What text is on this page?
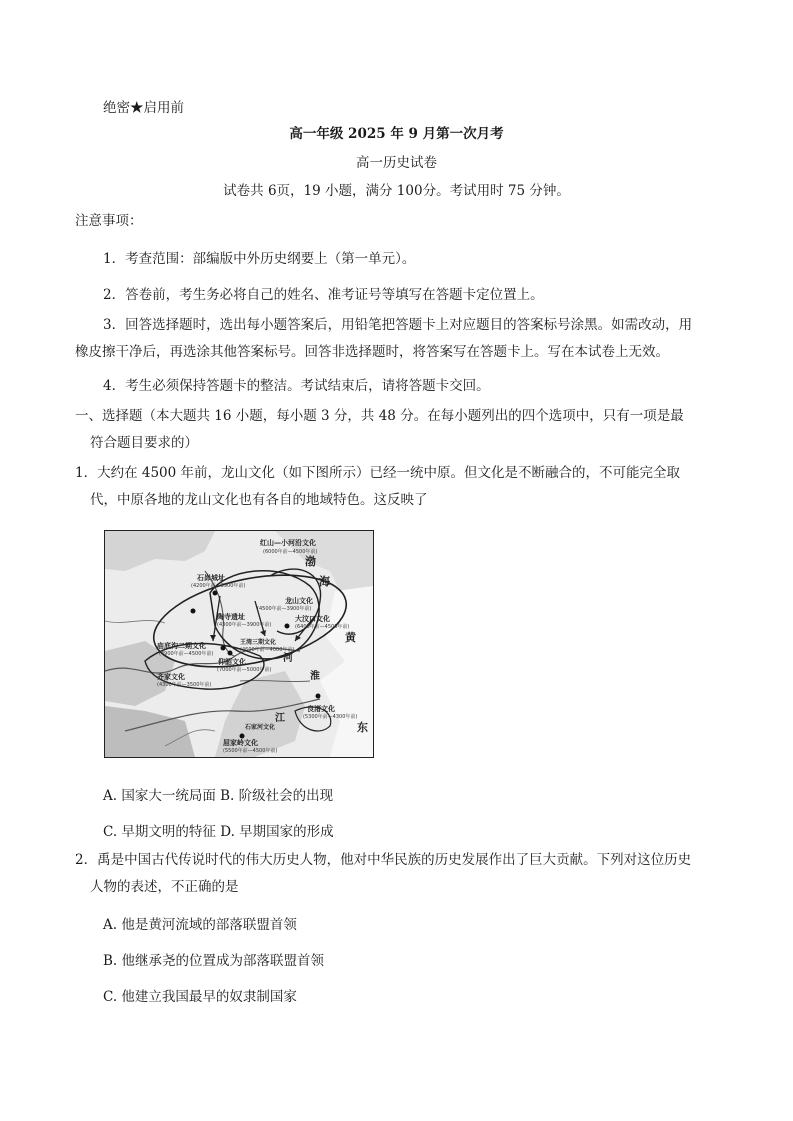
绝密★启用前
高一年级 2025 年 9 月第一次月考
高一历史试卷
试卷共 6页，19 小题，满分 100分。考试用时 75 分钟。
注意事项：
1．考查范围：部编版中外历史纲要上（第一单元）。
2．答卷前，考生务必将自己的姓名、准考证号等填写在答题卡定位置上。
3．回答选择题时，选出每小题答案后，用铅笔把答题卡上对应题目的答案标号涂黑。如需改动，用
橡皮擦干净后，再选涂其他答案标号。回答非选择题时，将答案写在答题卡上。写在本试卷上无效。
4．考生必须保持答题卡的整洁。考试结束后，请将答题卡交回。
一、选择题（本大题共 16 小题，每小题 3 分，共 48 分。在每小题列出的四个选项中，只有一项是最
符合题目要求的）
1．大约在 4500 年前，龙山文化（如下图所示）已经一统中原。但文化是不断融合的，不可能完全取
代，中原各地的龙山文化也有各自的地域特色。这反映了
红山—小河沿文化
(6000年前—4500年前)
石峁城址
(4200年前—3900年前)
龙山文化
(4500年前—3900年前)
陶寺遗址
(4300年前—3900年前)
大汶口文化
(6400年前—4500年前)
庙底沟二期文化
(4900年前—4500年前)
王湾三期文化
(4600年前—4000年前)
仰韶文化
(7000年前—5000年前)
齐家文化
(4300年前—3500年前)
良渚文化
(5300年前—4300年前)
石家河文化
屈家岭文化
(5500年前—4500年前)
渤
海
黄
东
河
淮
江
A. 国家大一统局面 B. 阶级社会的出现
C. 早期文明的特征 D. 早期国家的形成
2．禹是中国古代传说时代的伟大历史人物，他对中华民族的历史发展作出了巨大贡献。下列对这位历史
人物的表述，不正确的是
A. 他是黄河流域的部落联盟首领
B. 他继承尧的位置成为部落联盟首领
C. 他建立我国最早的奴隶制国家
